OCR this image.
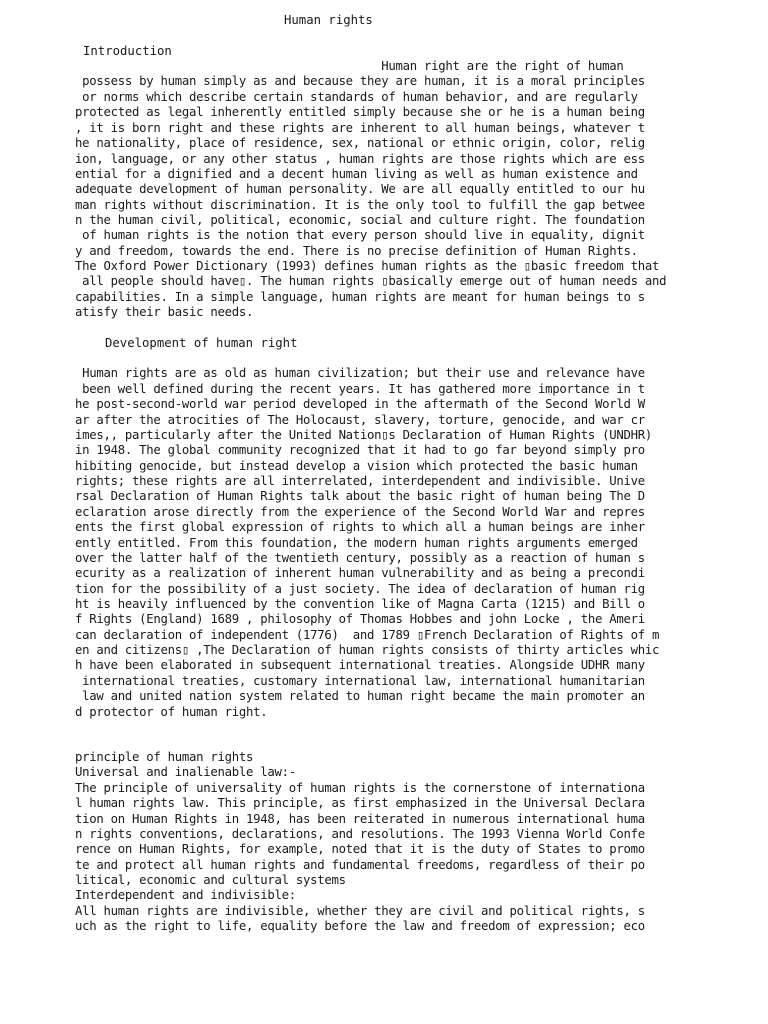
Human rights
Introduction
Human right are the right of human
possess by human simply as and because they are human, it is a moral principles
or norms which describe certain standards of human behavior, and are regularly
protected as legal inherently entitled simply because she or he is a human being
, it is born right and these rights are inherent to all human beings, whatever t
he nationality, place of residence, sex, national or ethnic origin, color, relig
ion, language, or any other status , human rights are those rights which are ess
ential for a dignified and a decent human living as well as human existence and
adequate development of human personality. We are all equally entitled to our hu
man rights without discrimination. It is the only tool to fulfill the gap betwee
n the human civil, political, economic, social and culture right. The foundation
of human rights is the notion that every person should live in equality, dignit
y and freedom, towards the end. There is no precise definition of Human Rights.
The Oxford Power Dictionary (1993) defines human rights as the ▯basic freedom that
all people should have▯. The human rights ▯basically emerge out of human needs and
capabilities. In a simple language, human rights are meant for human beings to s
atisfy their basic needs.
Development of human right
Human rights are as old as human civilization; but their use and relevance have
been well defined during the recent years. It has gathered more importance in t
he post-second-world war period developed in the aftermath of the Second World W
ar after the atrocities of The Holocaust, slavery, torture, genocide, and war cr
imes,, particularly after the United Nation▯s Declaration of Human Rights (UNDHR)
in 1948. The global community recognized that it had to go far beyond simply pro
hibiting genocide, but instead develop a vision which protected the basic human
rights; these rights are all interrelated, interdependent and indivisible. Unive
rsal Declaration of Human Rights talk about the basic right of human being The D
eclaration arose directly from the experience of the Second World War and repres
ents the first global expression of rights to which all a human beings are inher
ently entitled. From this foundation, the modern human rights arguments emerged
over the latter half of the twentieth century, possibly as a reaction of human s
ecurity as a realization of inherent human vulnerability and as being a precondi
tion for the possibility of a just society. The idea of declaration of human rig
ht is heavily influenced by the convention like of Magna Carta (1215) and Bill o
f Rights (England) 1689 , philosophy of Thomas Hobbes and john Locke , the Ameri
can declaration of independent (1776)  and 1789 ▯French Declaration of Rights of m
en and citizens▯ ,The Declaration of human rights consists of thirty articles whic
h have been elaborated in subsequent international treaties. Alongside UDHR many
international treaties, customary international law, international humanitarian
law and united nation system related to human right became the main promoter an
d protector of human right.
principle of human rights
Universal and inalienable law:-
The principle of universality of human rights is the cornerstone of internationa
l human rights law. This principle, as first emphasized in the Universal Declara
tion on Human Rights in 1948, has been reiterated in numerous international huma
n rights conventions, declarations, and resolutions. The 1993 Vienna World Confe
rence on Human Rights, for example, noted that it is the duty of States to promo
te and protect all human rights and fundamental freedoms, regardless of their po
litical, economic and cultural systems
Interdependent and indivisible:
All human rights are indivisible, whether they are civil and political rights, s
uch as the right to life, equality before the law and freedom of expression; eco
